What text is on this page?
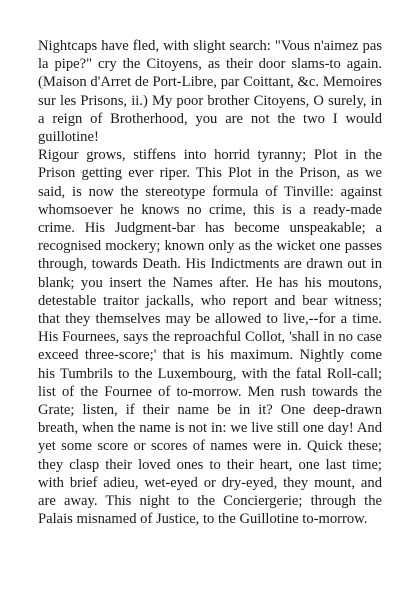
Nightcaps have fled, with slight search: "Vous n'aimez pas la pipe?" cry the Citoyens, as their door slams-to again. (Maison d'Arret de Port-Libre, par Coittant, &c. Memoires sur les Prisons, ii.) My poor brother Citoyens, O surely, in a reign of Brotherhood, you are not the two I would guillotine!

Rigour grows, stiffens into horrid tyranny; Plot in the Prison getting ever riper. This Plot in the Prison, as we said, is now the stereotype formula of Tinville: against whomsoever he knows no crime, this is a ready-made crime. His Judgment-bar has become unspeakable; a recognised mockery; known only as the wicket one passes through, towards Death. His Indictments are drawn out in blank; you insert the Names after. He has his moutons, detestable traitor jackalls, who report and bear witness; that they themselves may be allowed to live,--for a time. His Fournees, says the reproachful Collot, 'shall in no case exceed three-score;' that is his maximum. Nightly come his Tumbrils to the Luxembourg, with the fatal Roll-call; list of the Fournee of to-morrow. Men rush towards the Grate; listen, if their name be in it? One deep-drawn breath, when the name is not in: we live still one day! And yet some score or scores of names were in. Quick these; they clasp their loved ones to their heart, one last time; with brief adieu, wet-eyed or dry-eyed, they mount, and are away. This night to the Conciergerie; through the Palais misnamed of Justice, to the Guillotine to-morrow.
